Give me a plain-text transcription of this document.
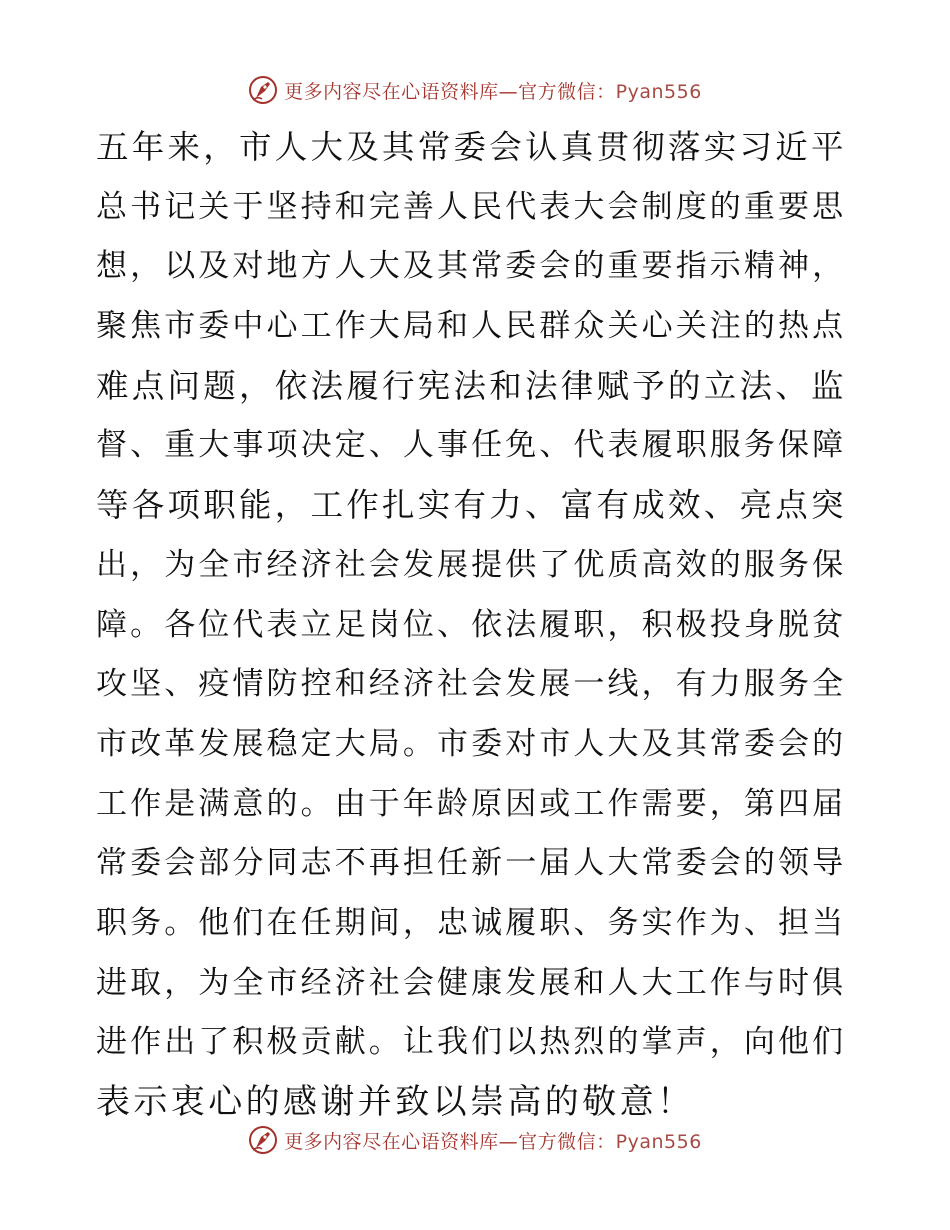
更多内容尽在心语资料库—官方微信：Pyan556
五年来，市人大及其常委会认真贯彻落实习近平
总书记关于坚持和完善人民代表大会制度的重要思
想，以及对地方人大及其常委会的重要指示精神，
聚焦市委中心工作大局和人民群众关心关注的热点
难点问题，依法履行宪法和法律赋予的立法、监
督、重大事项决定、人事任免、代表履职服务保障
等各项职能，工作扎实有力、富有成效、亮点突
出，为全市经济社会发展提供了优质高效的服务保
障。各位代表立足岗位、依法履职，积极投身脱贫
攻坚、疫情防控和经济社会发展一线，有力服务全
市改革发展稳定大局。市委对市人大及其常委会的
工作是满意的。由于年龄原因或工作需要，第四届
常委会部分同志不再担任新一届人大常委会的领导
职务。他们在任期间，忠诚履职、务实作为、担当
进取，为全市经济社会健康发展和人大工作与时俱
进作出了积极贡献。让我们以热烈的掌声，向他们
表示衷心的感谢并致以崇高的敬意！
更多内容尽在心语资料库—官方微信：Pyan556
